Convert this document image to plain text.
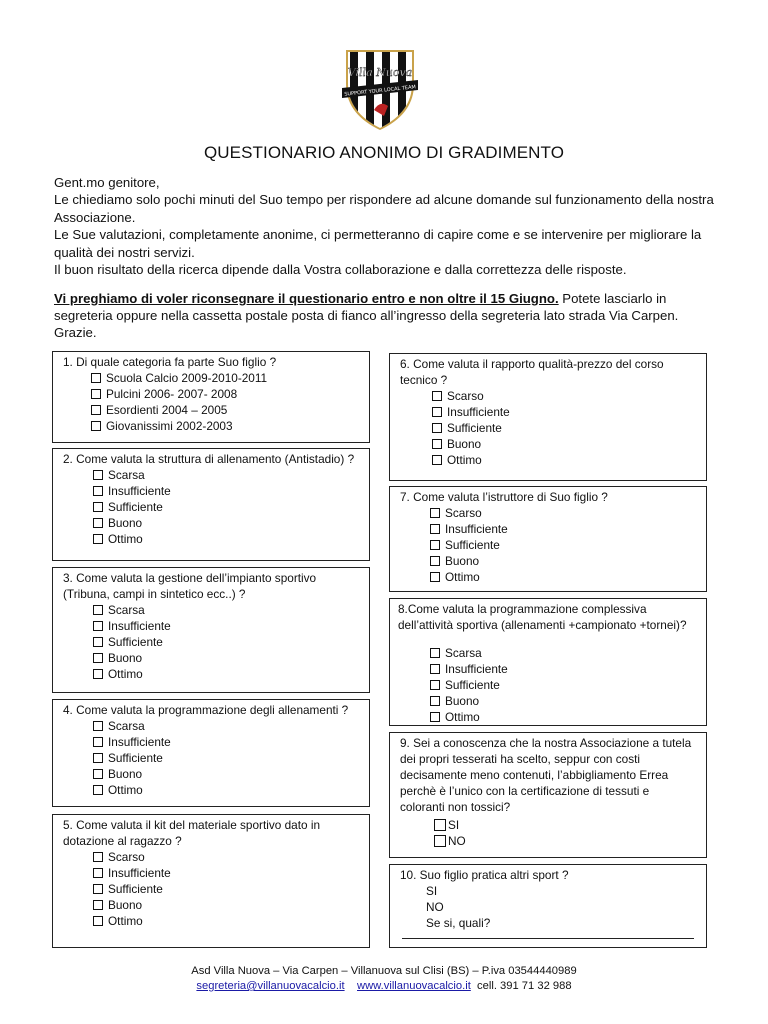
Villa Nuova
SUPPORT YOUR LOCAL TEAM
QUESTIONARIO ANONIMO DI GRADIMENTO

Gent.mo genitore,

Le chiediamo solo pochi minuti del Suo tempo per rispondere ad alcune domande sul funzionamento della nostra Associazione.

Le Sue valutazioni, completamente anonime, ci permetteranno di capire come e se intervenire per migliorare la qualità dei nostri servizi.

Il buon risultato della ricerca dipende dalla Vostra collaborazione e dalla correttezza delle risposte.

Vi preghiamo di voler riconsegnare il questionario entro e non oltre il 15 Giugno. Potete lasciarlo in segreteria oppure nella cassetta postale posta di fianco all’ingresso della segreteria lato strada Via Carpen. Grazie.
1. Di quale categoria fa parte Suo figlio ?
Scuola Calcio 2009-2010-2011
Pulcini 2006- 2007- 2008
Esordienti 2004 – 2005
Giovanissimi 2002-2003
2. Come valuta la struttura di allenamento (Antistadio) ?
Scarsa
Insufficiente
Sufficiente
Buono
Ottimo
3. Come valuta la gestione dell’impianto sportivo (Tribuna, campi in sintetico ecc..) ?
Scarsa
Insufficiente
Sufficiente
Buono
Ottimo
4. Come valuta la programmazione degli allenamenti ?
Scarsa
Insufficiente
Sufficiente
Buono
Ottimo
5. Come valuta il kit del materiale sportivo dato in dotazione al ragazzo ?
Scarso
Insufficiente
Sufficiente
Buono
Ottimo
6. Come valuta il rapporto qualità-prezzo del corso tecnico ?
Scarso
Insufficiente
Sufficiente
Buono
Ottimo
7. Come valuta l’istruttore di Suo figlio ?
Scarso
Insufficiente
Sufficiente
Buono
Ottimo
8.Come valuta la programmazione complessiva dell’attività sportiva (allenamenti +campionato +tornei)?
Scarsa
Insufficiente
Sufficiente
Buono
Ottimo
9. Sei a conoscenza che la nostra Associazione a tutela dei propri tesserati ha scelto, seppur con costi decisamente meno contenuti, l’abbigliamento Errea perchè è l’unico con la certificazione di tessuti e coloranti non tossici?
SI
NO
10. Suo figlio pratica altri sport ?
SI
NO
Se si, quali?
Asd Villa Nuova – Via Carpen – Villanuova sul Clisi (BS) – P.iva 03544440989
segreteria@villanuovacalcio.it www.villanuovacalcio.it cell. 391 71 32 988
